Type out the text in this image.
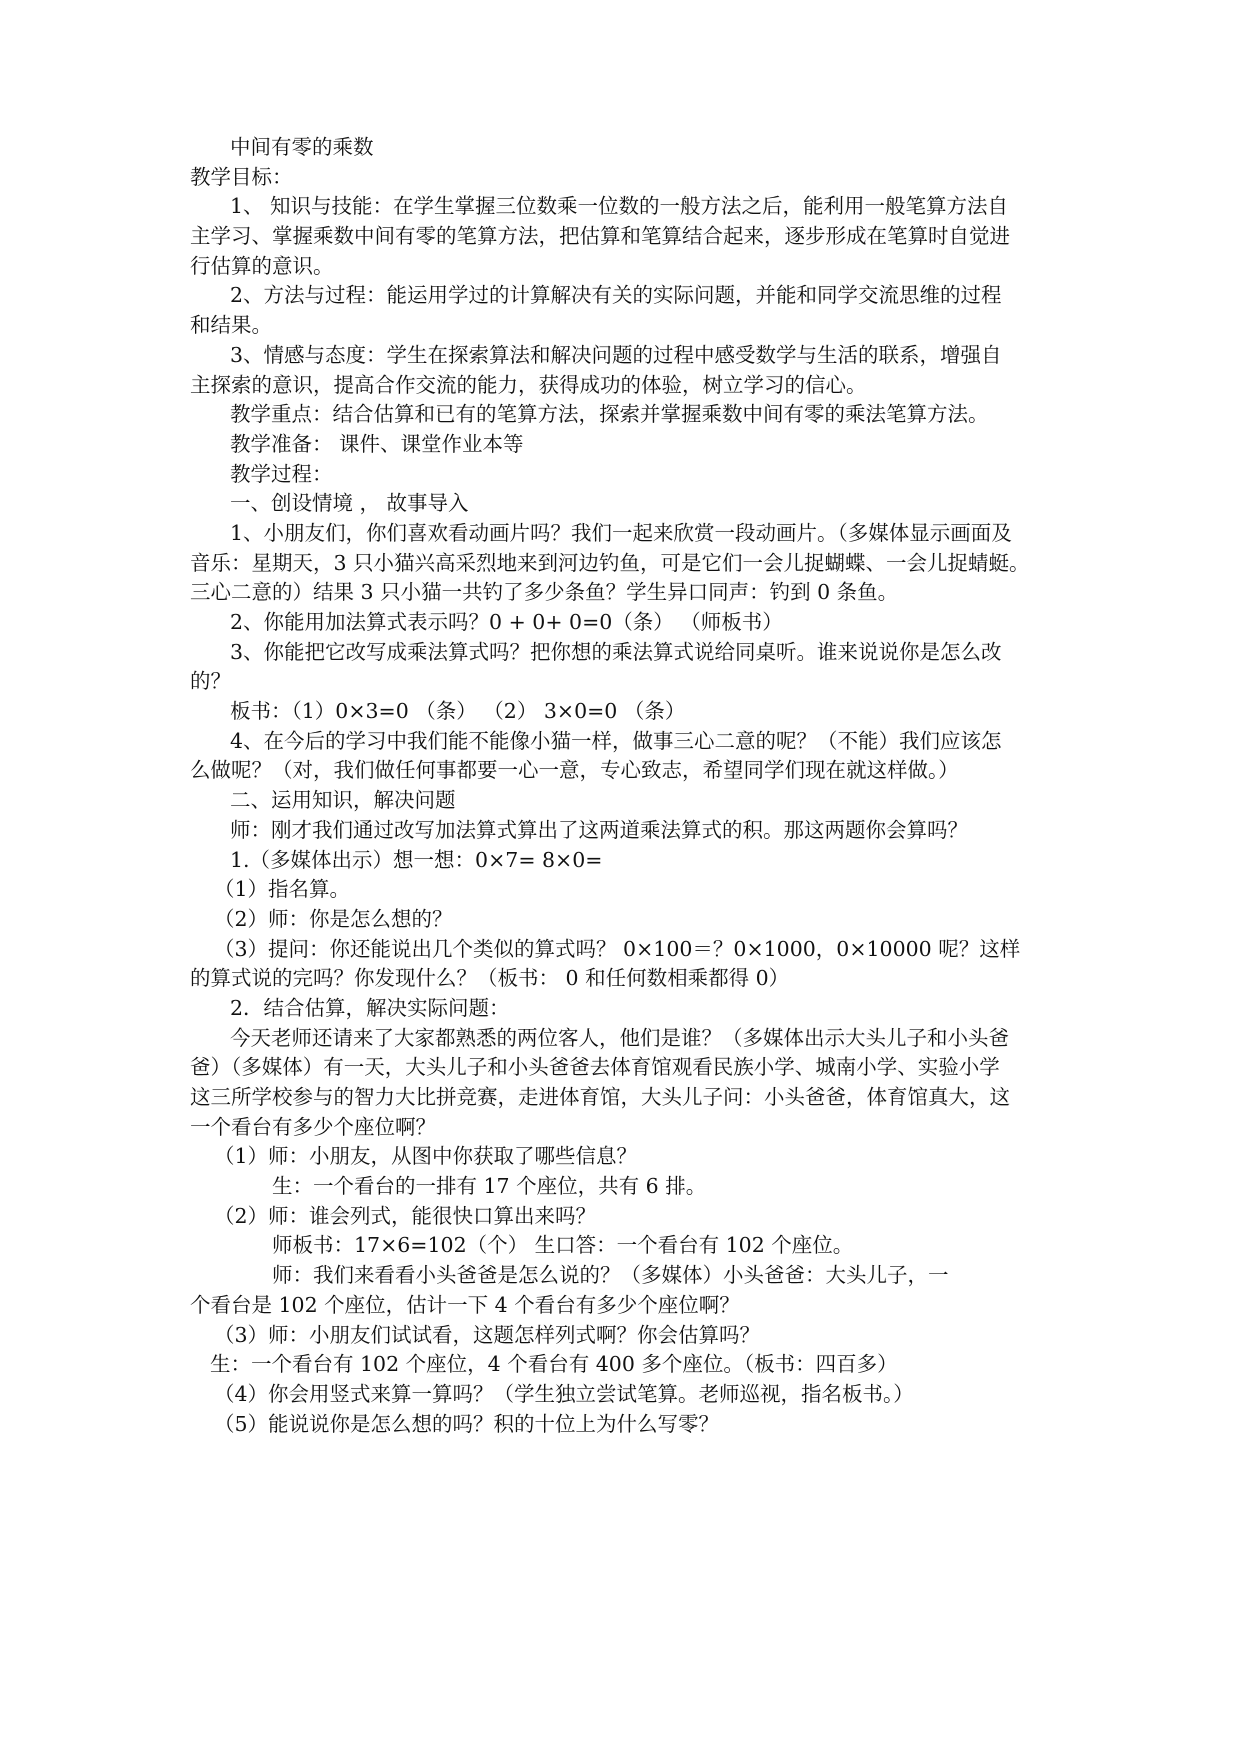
中间有零的乘数
教学目标：
1、 知识与技能：在学生掌握三位数乘一位数的一般方法之后，能利用一般笔算方法自
主学习、掌握乘数中间有零的笔算方法，把估算和笔算结合起来，逐步形成在笔算时自觉进
行估算的意识。
2、方法与过程：能运用学过的计算解决有关的实际问题，并能和同学交流思维的过程
和结果。
3、情感与态度：学生在探索算法和解决问题的过程中感受数学与生活的联系，增强自
主探索的意识，提高合作交流的能力，获得成功的体验，树立学习的信心。
教学重点：结合估算和已有的笔算方法，探索并掌握乘数中间有零的乘法笔算方法。
教学准备： 课件、课堂作业本等
教学过程：
一、创设情境 ， 故事导入
1、小朋友们，你们喜欢看动画片吗？我们一起来欣赏一段动画片。（多媒体显示画面及
音乐：星期天，3 只小猫兴高采烈地来到河边钓鱼，可是它们一会儿捉蝴蝶、一会儿捉蜻蜓。
三心二意的）结果 3 只小猫一共钓了多少条鱼？学生异口同声：钓到 0 条鱼。
2、你能用加法算式表示吗？0 + 0+ 0=0（条） （师板书）
3、你能把它改写成乘法算式吗？把你想的乘法算式说给同桌听。谁来说说你是怎么改
的？
板书：（1）0×3=0 （条） （2） 3×0=0 （条）
4、在今后的学习中我们能不能像小猫一样，做事三心二意的呢？（不能）我们应该怎
么做呢？（对，我们做任何事都要一心一意，专心致志，希望同学们现在就这样做。）
二、运用知识，解决问题
师：刚才我们通过改写加法算式算出了这两道乘法算式的积。那这两题你会算吗？
1.（多媒体出示）想一想：0×7= 8×0=
（1）指名算。
（2）师：你是怎么想的？
（3）提问：你还能说出几个类似的算式吗？ 0×100＝？0×1000，0×10000 呢？这样
的算式说的完吗？你发现什么？（板书： 0 和任何数相乘都得 0）
2．结合估算，解决实际问题：
今天老师还请来了大家都熟悉的两位客人，他们是谁？（多媒体出示大头儿子和小头爸
爸）（多媒体）有一天，大头儿子和小头爸爸去体育馆观看民族小学、城南小学、实验小学
这三所学校参与的智力大比拼竞赛，走进体育馆，大头儿子问：小头爸爸，体育馆真大，这
一个看台有多少个座位啊？
（1）师：小朋友，从图中你获取了哪些信息？
生：一个看台的一排有 17 个座位，共有 6 排。
（2）师：谁会列式，能很快口算出来吗？
师板书：17×6=102（个） 生口答：一个看台有 102 个座位。
师：我们来看看小头爸爸是怎么说的？（多媒体）小头爸爸：大头儿子，一
个看台是 102 个座位，估计一下 4 个看台有多少个座位啊？
（3）师：小朋友们试试看，这题怎样列式啊？你会估算吗？
生：一个看台有 102 个座位，4 个看台有 400 多个座位。（板书：四百多）
（4）你会用竖式来算一算吗？（学生独立尝试笔算。老师巡视，指名板书。）
（5）能说说你是怎么想的吗？积的十位上为什么写零？
